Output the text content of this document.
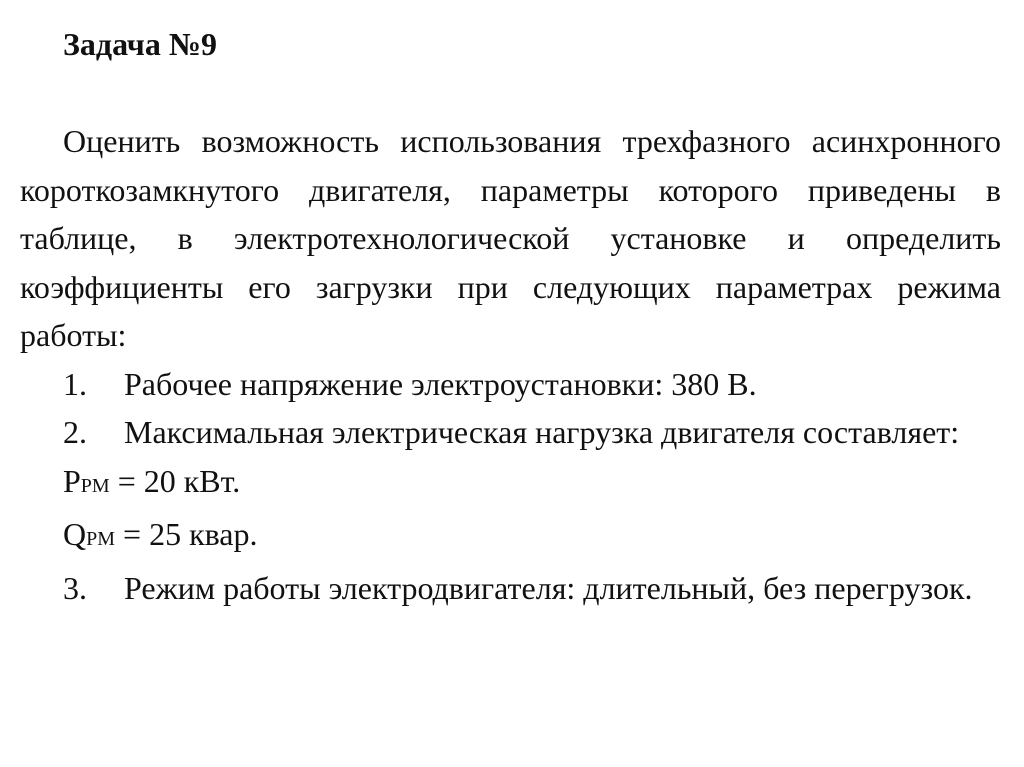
Задача №9

Оценить возможность использования трехфазного асинхронного короткозамкнутого двигателя, параметры которого приведены в таблице, в электротехнологической установке и определить коэффициенты его загрузки при следующих параметрах режима работы:

1. Рабочее напряжение электроустановки: 380 В.

2. Максимальная электрическая нагрузка двигателя составляет:

PРМ = 20 кВт.

QРМ = 25 квар.

3. Режим работы электродвигателя: длительный, без перегрузок.
